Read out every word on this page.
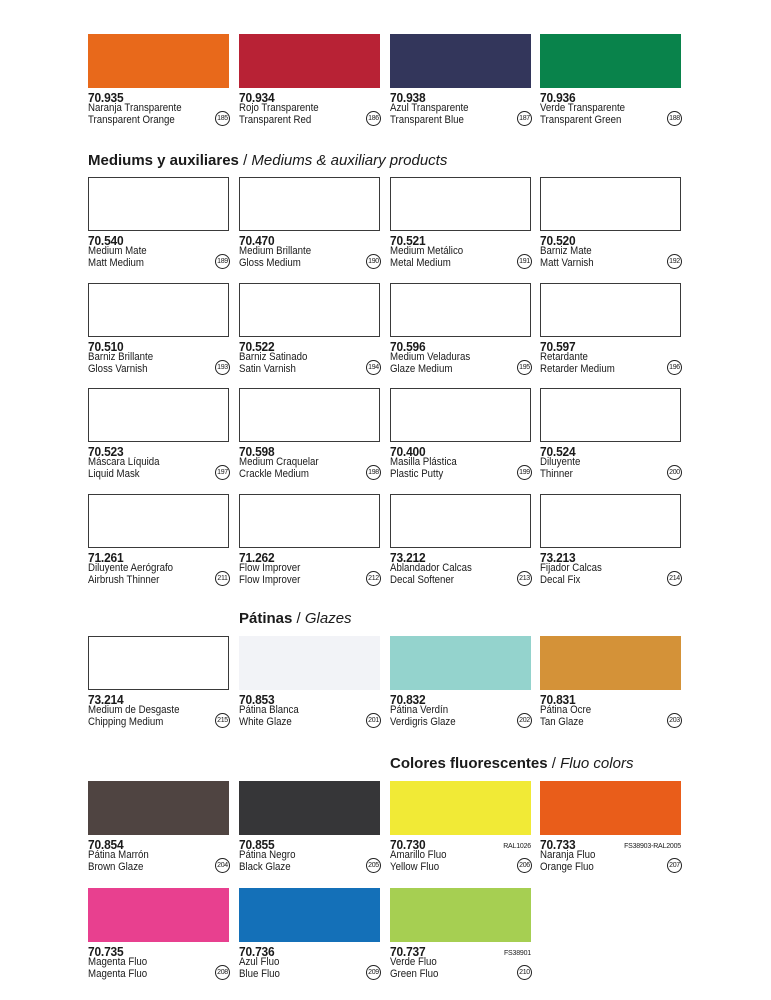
Mediums y auxiliares / Mediums & auxiliary products
Pátinas / Glazes
Colores fluorescentes / Fluo colors
70.935
Naranja Transparente
Transparent Orange	185
70.934
Rojo Transparente
Transparent Red	186
70.938
Azul Transparente
Transparent Blue	187
70.936
Verde Transparente
Transparent Green	188
70.540
Medium Mate
Matt Medium	189
70.470
Medium Brillante
Gloss Medium	190
70.521
Medium Metálico
Metal Medium	191
70.520
Barniz Mate
Matt Varnish	192
70.510
Barniz Brillante
Gloss Varnish	193
70.522
Barniz Satinado
Satin Varnish	194
70.596
Medium Veladuras
Glaze Medium	195
70.597
Retardante
Retarder Medium	196
70.523
Máscara Líquida
Liquid Mask	197
70.598
Medium Craquelar
Crackle Medium	198
70.400
Masilla Plástica
Plastic Putty	199
70.524
Diluyente
Thinner	200
71.261
Diluyente Aerógrafo
Airbrush Thinner	211
71.262
Flow Improver
Flow Improver	212
73.212
Ablandador Calcas
Decal Softener	213
73.213
Fijador Calcas
Decal Fix	214
73.214
Medium de Desgaste
Chipping Medium	215
70.853
Pátina Blanca
White Glaze	201
70.832
Pátina Verdín
Verdigris Glaze	202
70.831
Pátina Ocre
Tan Glaze	203
70.854
Pátina Marrón
Brown Glaze	204
70.855
Pátina Negro
Black Glaze	205
70.730
Amarillo Fluo
Yellow Fluo	206
RAL1026 70.733
Naranja Fluo
Orange Fluo	207
FS38903-RAL2005
70.735
Magenta Fluo
Magenta Fluo	208
70.736
Azul Fluo
Blue Fluo	209
70.737
Verde Fluo
Green Fluo	210
FS38901
